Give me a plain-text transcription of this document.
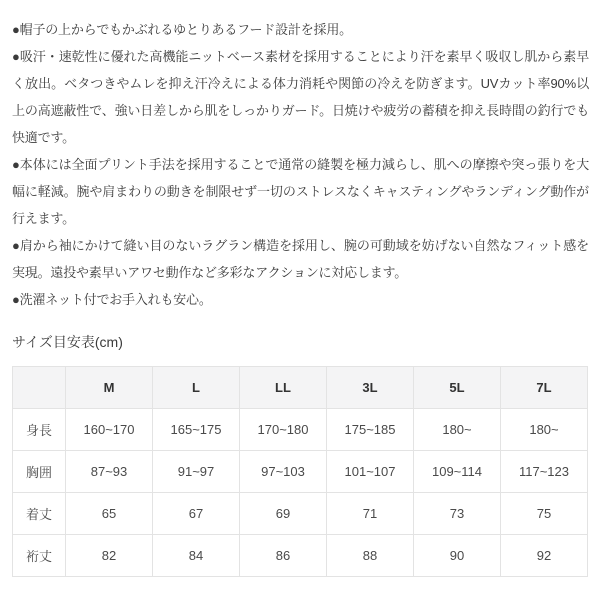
●帽子の上からでもかぶれるゆとりあるフード設計を採用。

●吸汗・速乾性に優れた高機能ニットベース素材を採用することにより汗を素早く吸収し肌から素早く放出。ベタつきやムレを抑え汗冷えによる体力消耗や関節の冷えを防ぎます。UVカット率90%以上の高遮蔽性で、強い日差しから肌をしっかりガード。日焼けや疲労の蓄積を抑え長時間の釣行でも快適です。

●本体には全面プリント手法を採用することで通常の縫製を極力減らし、肌への摩擦や突っ張りを大幅に軽減。腕や肩まわりの動きを制限せず一切のストレスなくキャスティングやランディング動作が行えます。

●肩から袖にかけて縫い目のないラグラン構造を採用し、腕の可動域を妨げない自然なフィット感を実現。遠投や素早いアワセ動作など多彩なアクションに対応します。

●洗濯ネット付でお手入れも安心。

サイズ目安表(cm)
	M	L	LL	3L	5L	7L
身長	160~170	165~175	170~180	175~185	180~	180~
胸囲	87~93	91~97	97~103	101~107	109~114	117~123
着丈	65	67	69	71	73	75
裄丈	82	84	86	88	90	92
